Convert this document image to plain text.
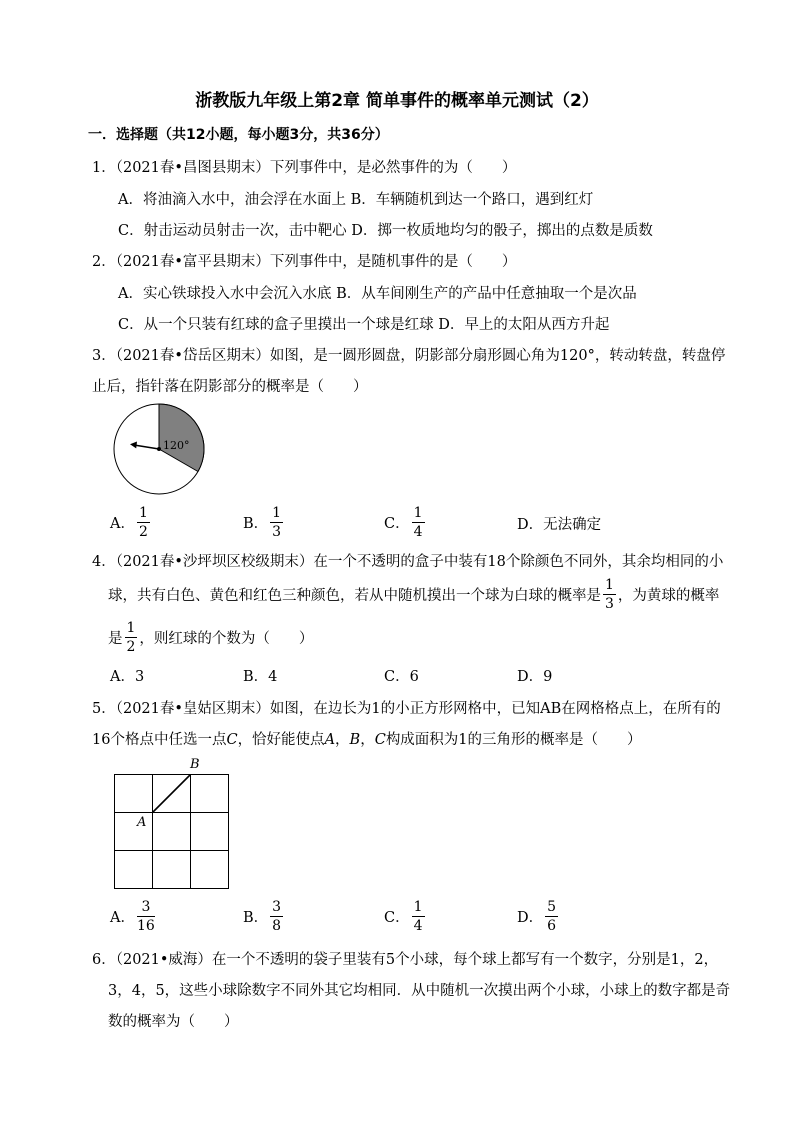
浙教版九年级上第2章 简单事件的概率单元测试（2）
一．选择题（共12小题，每小题3分，共36分）
1．（2021春•昌图县期末）下列事件中，是必然事件的为（　　）
A．将油滴入水中，油会浮在水面上 B．车辆随机到达一个路口，遇到红灯
C．射击运动员射击一次，击中靶心 D．掷一枚质地均匀的骰子，掷出的点数是质数
2．（2021春•富平县期末）下列事件中，是随机事件的是（　　）
A．实心铁球投入水中会沉入水底 B．从车间刚生产的产品中任意抽取一个是次品
C．从一个只装有红球的盒子里摸出一个球是红球 D．早上的太阳从西方升起
3．（2021春•岱岳区期末）如图，是一圆形圆盘，阴影部分扇形圆心角为120°，转动转盘，转盘停
止后，指针落在阴影部分的概率是（　　）
120°
A． $\frac{1}{2}$	B． $\frac{1}{3}$	C． $\frac{1}{4}$	D．无法确定
4．（2021春•沙坪坝区校级期末）在一个不透明的盒子中装有18个除颜色不同外，其余均相同的小
球，共有白色、黄色和红色三种颜色，若从中随机摸出一个球为白球的概率是 $\frac{1}{3}$ ，为黄球的概率
是 $\frac{1}{2}$ ，则红球的个数为（　　）
A．3	B．4	C．6	D．9
5．（2021春•皇姑区期末）如图，在边长为1的小正方形网格中，已知AB在网格格点上，在所有的
16个格点中任选一点C，恰好能使点A，B，C构成面积为1的三角形的概率是（　　）
B
A
A． $\frac{3}{16}$	B． $\frac{3}{8}$	C． $\frac{1}{4}$	D． $\frac{5}{6}$
6．（2021•威海）在一个不透明的袋子里装有5个小球，每个球上都写有一个数字，分别是1，2，
3，4，5，这些小球除数字不同外其它均相同．从中随机一次摸出两个小球，小球上的数字都是奇
数的概率为（　　）
